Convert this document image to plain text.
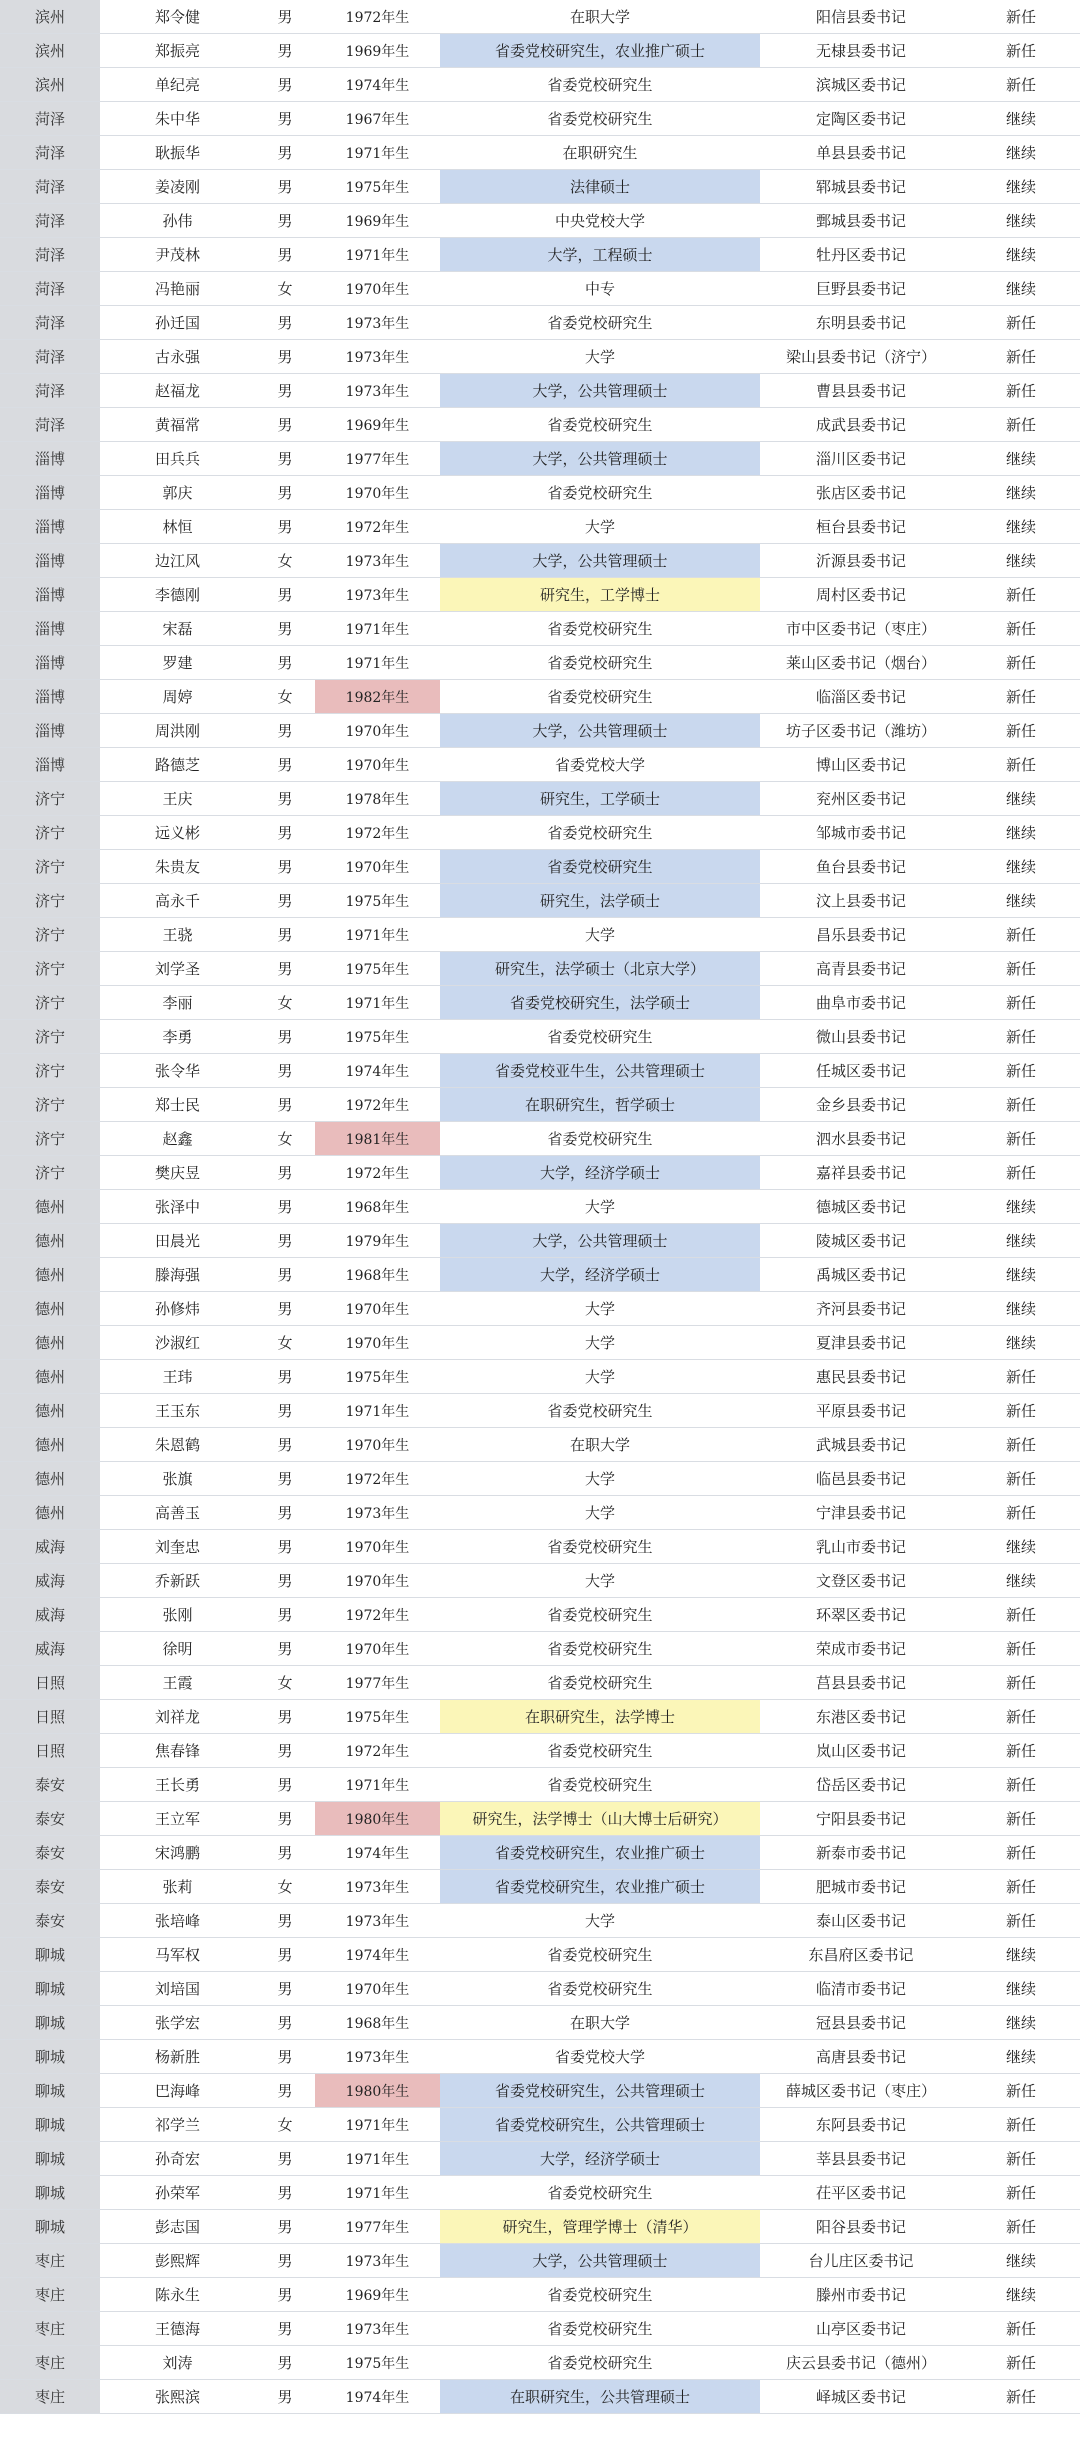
滨州	郑令健	男	1972年生	在职大学	阳信县委书记	新任
滨州	郑振亮	男	1969年生	省委党校研究生，农业推广硕士	无棣县委书记	新任
滨州	单纪亮	男	1974年生	省委党校研究生	滨城区委书记	新任
菏泽	朱中华	男	1967年生	省委党校研究生	定陶区委书记	继续
菏泽	耿振华	男	1971年生	在职研究生	单县县委书记	继续
菏泽	姜凌刚	男	1975年生	法律硕士	郓城县委书记	继续
菏泽	孙伟	男	1969年生	中央党校大学	鄄城县委书记	继续
菏泽	尹茂林	男	1971年生	大学，工程硕士	牡丹区委书记	继续
菏泽	冯艳丽	女	1970年生	中专	巨野县委书记	继续
菏泽	孙迁国	男	1973年生	省委党校研究生	东明县委书记	新任
菏泽	古永强	男	1973年生	大学	梁山县委书记（济宁）	新任
菏泽	赵福龙	男	1973年生	大学，公共管理硕士	曹县县委书记	新任
菏泽	黄福常	男	1969年生	省委党校研究生	成武县委书记	新任
淄博	田兵兵	男	1977年生	大学，公共管理硕士	淄川区委书记	继续
淄博	郭庆	男	1970年生	省委党校研究生	张店区委书记	继续
淄博	林恒	男	1972年生	大学	桓台县委书记	继续
淄博	边江风	女	1973年生	大学，公共管理硕士	沂源县委书记	继续
淄博	李德刚	男	1973年生	研究生，工学博士	周村区委书记	新任
淄博	宋磊	男	1971年生	省委党校研究生	市中区委书记（枣庄）	新任
淄博	罗建	男	1971年生	省委党校研究生	莱山区委书记（烟台）	新任
淄博	周婷	女	1982年生	省委党校研究生	临淄区委书记	新任
淄博	周洪刚	男	1970年生	大学，公共管理硕士	坊子区委书记（潍坊）	新任
淄博	路德芝	男	1970年生	省委党校大学	博山区委书记	新任
济宁	王庆	男	1978年生	研究生，工学硕士	兖州区委书记	继续
济宁	远义彬	男	1972年生	省委党校研究生	邹城市委书记	继续
济宁	朱贵友	男	1970年生	省委党校研究生	鱼台县委书记	继续
济宁	高永千	男	1975年生	研究生，法学硕士	汶上县委书记	继续
济宁	王骁	男	1971年生	大学	昌乐县委书记	新任
济宁	刘学圣	男	1975年生	研究生，法学硕士（北京大学）	高青县委书记	新任
济宁	李丽	女	1971年生	省委党校研究生，法学硕士	曲阜市委书记	新任
济宁	李勇	男	1975年生	省委党校研究生	微山县委书记	新任
济宁	张令华	男	1974年生	省委党校亚牛生，公共管理硕士	任城区委书记	新任
济宁	郑士民	男	1972年生	在职研究生，哲学硕士	金乡县委书记	新任
济宁	赵鑫	女	1981年生	省委党校研究生	泗水县委书记	新任
济宁	樊庆昱	男	1972年生	大学，经济学硕士	嘉祥县委书记	新任
德州	张泽中	男	1968年生	大学	德城区委书记	继续
德州	田晨光	男	1979年生	大学，公共管理硕士	陵城区委书记	继续
德州	滕海强	男	1968年生	大学，经济学硕士	禹城区委书记	继续
德州	孙修炜	男	1970年生	大学	齐河县委书记	继续
德州	沙淑红	女	1970年生	大学	夏津县委书记	继续
德州	王玮	男	1975年生	大学	惠民县委书记	新任
德州	王玉东	男	1971年生	省委党校研究生	平原县委书记	新任
德州	朱恩鹤	男	1970年生	在职大学	武城县委书记	新任
德州	张旗	男	1972年生	大学	临邑县委书记	新任
德州	高善玉	男	1973年生	大学	宁津县委书记	新任
威海	刘奎忠	男	1970年生	省委党校研究生	乳山市委书记	继续
威海	乔新跃	男	1970年生	大学	文登区委书记	继续
威海	张刚	男	1972年生	省委党校研究生	环翠区委书记	新任
威海	徐明	男	1970年生	省委党校研究生	荣成市委书记	新任
日照	王霞	女	1977年生	省委党校研究生	莒县县委书记	新任
日照	刘祥龙	男	1975年生	在职研究生，法学博士	东港区委书记	新任
日照	焦春锋	男	1972年生	省委党校研究生	岚山区委书记	新任
泰安	王长勇	男	1971年生	省委党校研究生	岱岳区委书记	新任
泰安	王立军	男	1980年生	研究生，法学博士（山大博士后研究）	宁阳县委书记	新任
泰安	宋鸿鹏	男	1974年生	省委党校研究生，农业推广硕士	新泰市委书记	新任
泰安	张莉	女	1973年生	省委党校研究生，农业推广硕士	肥城市委书记	新任
泰安	张培峰	男	1973年生	大学	泰山区委书记	新任
聊城	马军权	男	1974年生	省委党校研究生	东昌府区委书记	继续
聊城	刘培国	男	1970年生	省委党校研究生	临清市委书记	继续
聊城	张学宏	男	1968年生	在职大学	冠县县委书记	继续
聊城	杨新胜	男	1973年生	省委党校大学	高唐县委书记	继续
聊城	巴海峰	男	1980年生	省委党校研究生，公共管理硕士	薛城区委书记（枣庄）	新任
聊城	祁学兰	女	1971年生	省委党校研究生，公共管理硕士	东阿县委书记	新任
聊城	孙奇宏	男	1971年生	大学，经济学硕士	莘县县委书记	新任
聊城	孙荣军	男	1971年生	省委党校研究生	茌平区委书记	新任
聊城	彭志国	男	1977年生	研究生，管理学博士（清华）	阳谷县委书记	新任
枣庄	彭熙辉	男	1973年生	大学，公共管理硕士	台儿庄区委书记	继续
枣庄	陈永生	男	1969年生	省委党校研究生	滕州市委书记	继续
枣庄	王德海	男	1973年生	省委党校研究生	山亭区委书记	新任
枣庄	刘涛	男	1975年生	省委党校研究生	庆云县委书记（德州）	新任
枣庄	张熙滨	男	1974年生	在职研究生，公共管理硕士	峄城区委书记	新任
